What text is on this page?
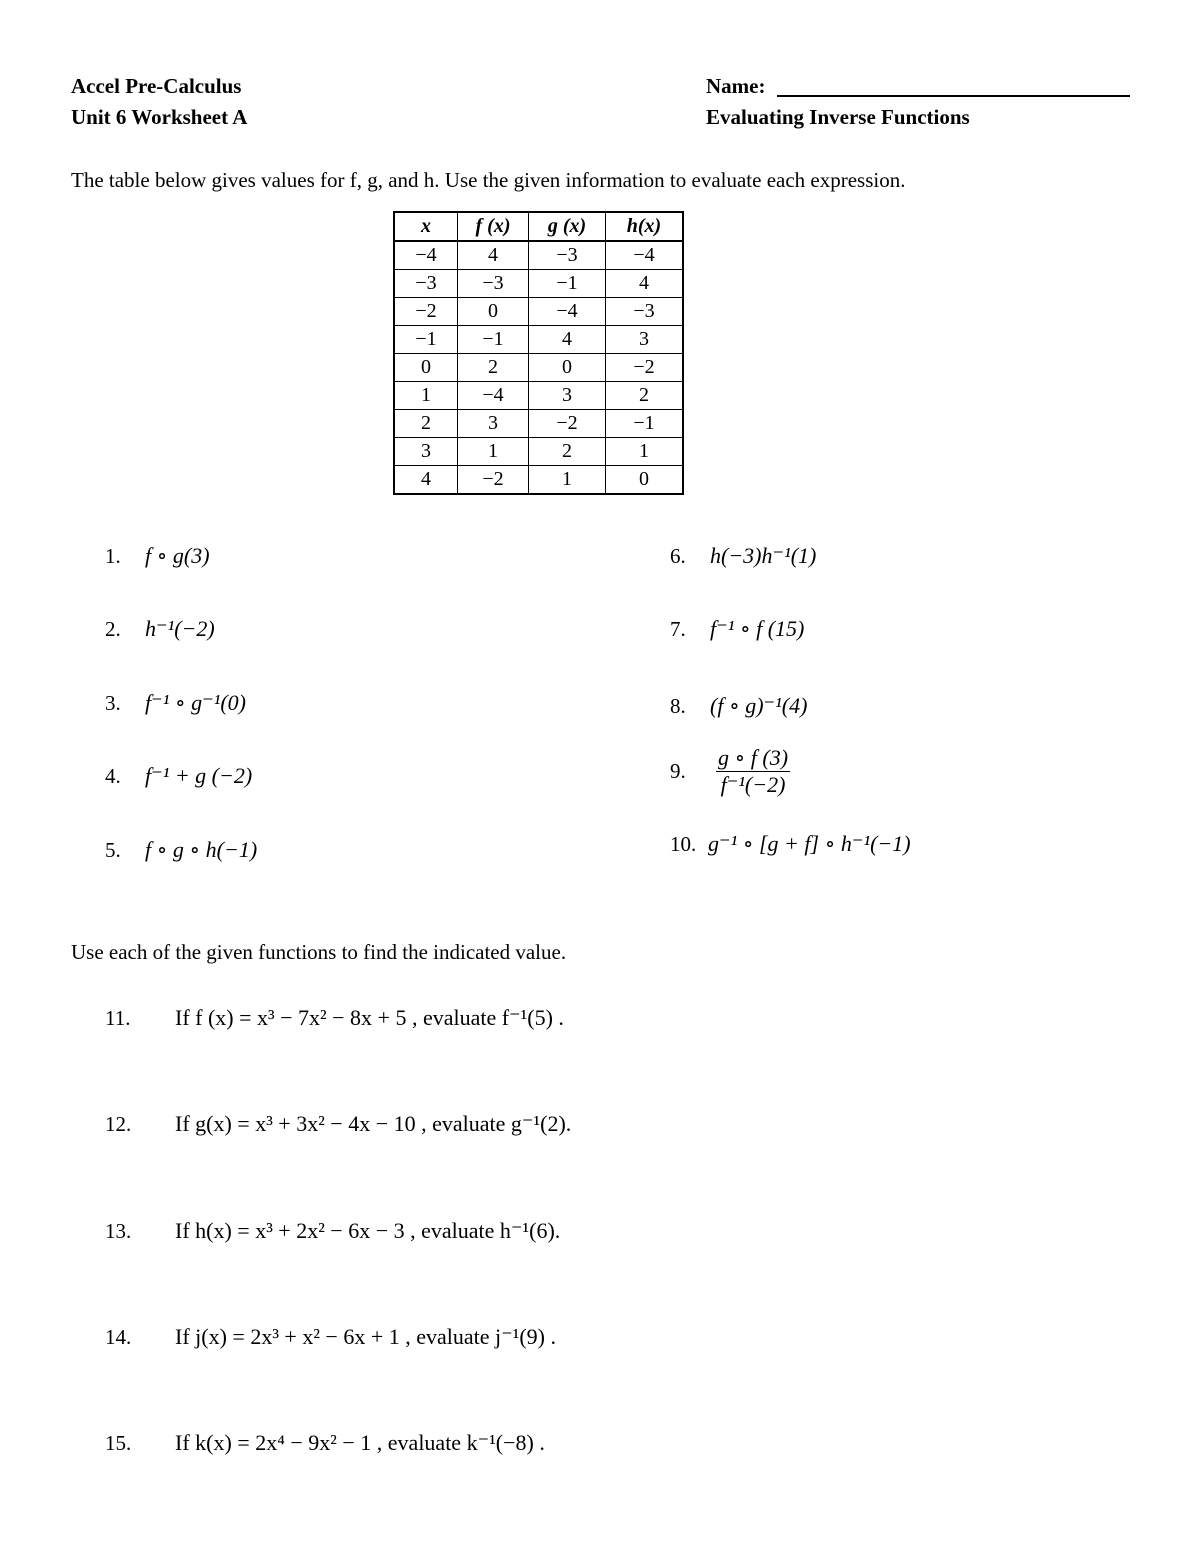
Accel Pre-Calculus
Unit 6 Worksheet A
Name:
Evaluating Inverse Functions
The table below gives values for f, g, and h. Use the given information to evaluate each expression.
x	f (x)	g (x)	h(x)
−4	4	−3	−4
−3	−3	−1	4
−2	0	−4	−3
−1	−1	4	3
0	2	0	−2
1	−4	3	2
2	3	−2	−1
3	1	2	1
4	−2	1	0
1. f ∘ g(3)
2. h⁻¹(−2)
3. f⁻¹ ∘ g⁻¹(0)
4. f⁻¹ + g (−2)
5. f ∘ g ∘ h(−1)
6. h(−3)h⁻¹(1)
7. f⁻¹ ∘ f (15)
8. (f ∘ g)⁻¹(4)
9. $\frac{g \circ f (3)}{\text{f⁻¹(−2)}}$
10. g⁻¹ ∘ [g + f] ∘ h⁻¹(−1)
Use each of the given functions to find the indicated value.
11. If f (x) = x³ − 7x² − 8x + 5 , evaluate f⁻¹(5) .
12. If g(x) = x³ + 3x² − 4x − 10 , evaluate g⁻¹(2).
13. If h(x) = x³ + 2x² − 6x − 3 , evaluate h⁻¹(6).
14. If j(x) = 2x³ + x² − 6x + 1 , evaluate j⁻¹(9) .
15. If k(x) = 2x⁴ − 9x² − 1 , evaluate k⁻¹(−8) .
